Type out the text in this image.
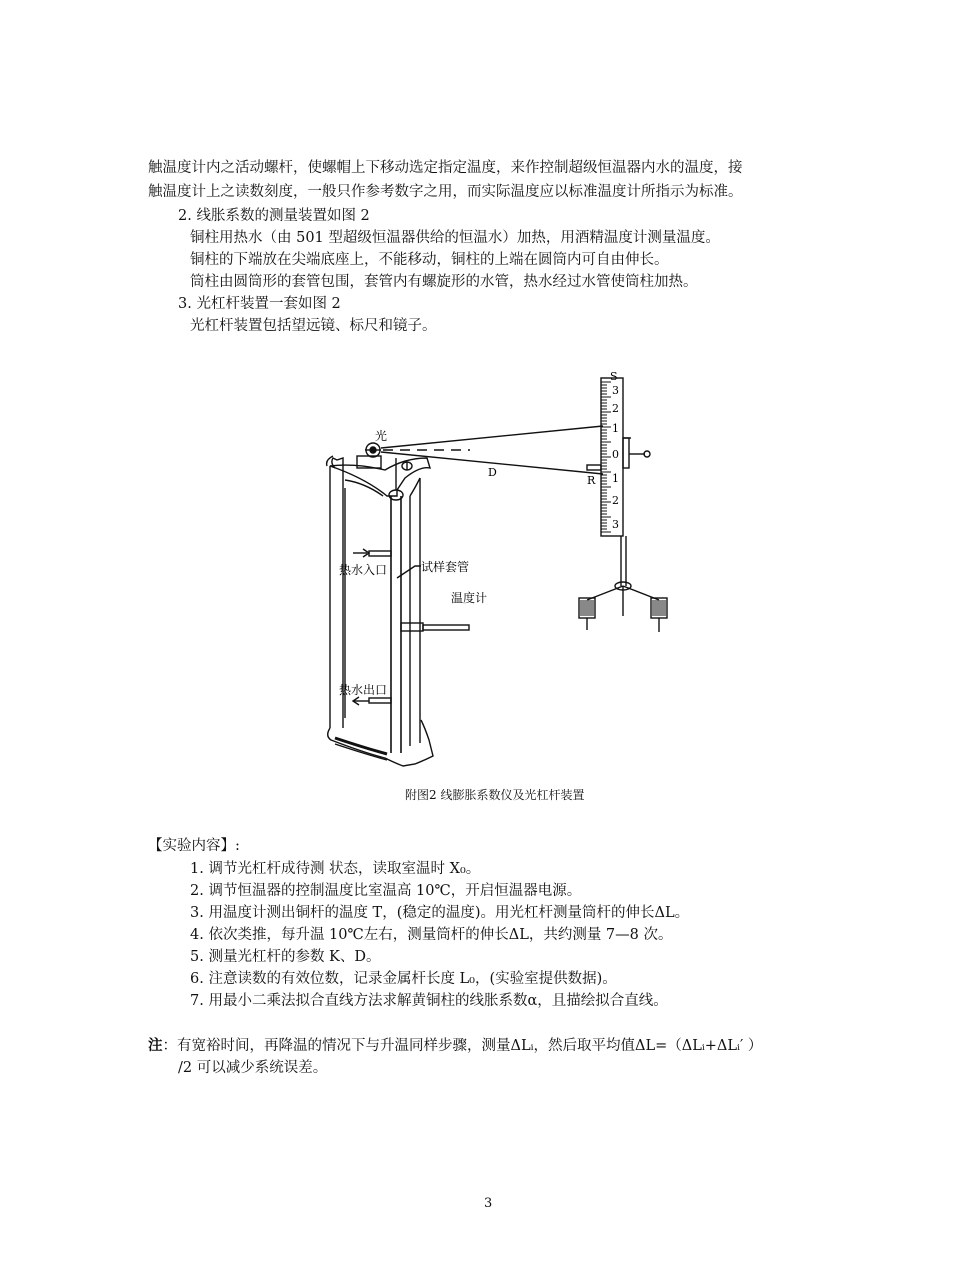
触温度计内之活动螺杆，使螺帽上下移动选定指定温度，来作控制超级恒温器内水的温度，接
触温度计上之读数刻度，一般只作参考数字之用，而实际温度应以标准温度计所指示为标准。
2. 线胀系数的测量装置如图 2
铜柱用热水（由 501 型超级恒温器供给的恒温水）加热，用酒精温度计测量温度。
铜柱的下端放在尖端底座上，不能移动，铜柱的上端在圆筒内可自由伸长。
筒柱由圆筒形的套管包围，套管内有螺旋形的水管，热水经过水管使筒柱加热。
3. 光杠杆装置一套如图 2
光杠杆装置包括望远镜、标尺和镜子。
光
S
D
R
热水入口	试样套管
温度计
热水出口
3
2
1
0
1
2
3
附图2 线膨胀系数仪及光杠杆装置
【实验内容】:
1. 调节光杠杆成待测 状态，读取室温时 X₀。
2. 调节恒温器的控制温度比室温高 10℃，开启恒温器电源。
3. 用温度计测出铜杆的温度 T，(稳定的温度)。用光杠杆测量筒杆的伸长ΔL。
4. 依次类推，每升温 10℃左右，测量筒杆的伸长ΔL，共约测量 7—8 次。
5. 测量光杠杆的参数 K、D。
6. 注意读数的有效位数，记录金属杆长度 L₀，(实验室提供数据)。
7. 用最小二乘法拟合直线方法求解黄铜柱的线胀系数α，且描绘拟合直线。
注：有宽裕时间，再降温的情况下与升温同样步骤，测量ΔLᵢ，然后取平均值ΔL=（ΔLᵢ+ΔLᵢ′ ）
/2 可以减少系统误差。
3
